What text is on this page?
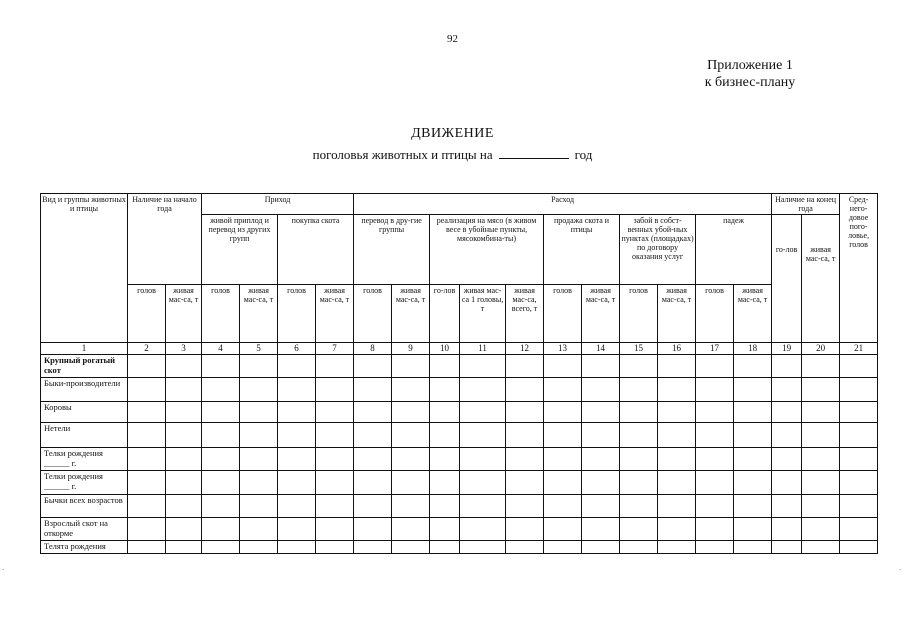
92
Приложение 1
к бизнес-плану
ДВИЖЕНИЕ
поголовья животных и птицы на	год
Вид и группы животных и птицы	Наличие на начало года		Приход				Расход											Наличие на конец года		Сред-него-довое пого-ловье, голов
			живой приплод и перевод из других групп		покупка скота		перевод в дру-гие группы		реализация на мясо (в живом весе в убойные пункты, мясокомбина-ты)			продажа скота и птицы		забой в собст-венных убой-ных пунктах (площадках) по договору оказания услуг		падеж		го-лов	живая мас-са, т	
	голов	живая мас-са, т	голов	живая мас-са, т	голов	живая мас-са, т	голов	живая мас-са, т	го-лов	живая мас-са 1 головы, т	живая мас-са, всего, т	голов	живая мас-са, т	голов	живая мас-са, т	голов	живая мас-са, т			
1	2	3	4	5	6	7	8	9	10	11	12	13	14	15	16	17	18	19	20	21
Крупный рогатый скот																				
Быки-производители																				
Коровы																				
Нетели																				
Телки рождения ______ г.																				
Телки рождения ______ г.																				
Бычки всех возрастов																				
Взрослый скот на откорме																				
Телята рождения																				
⋅	⋅
